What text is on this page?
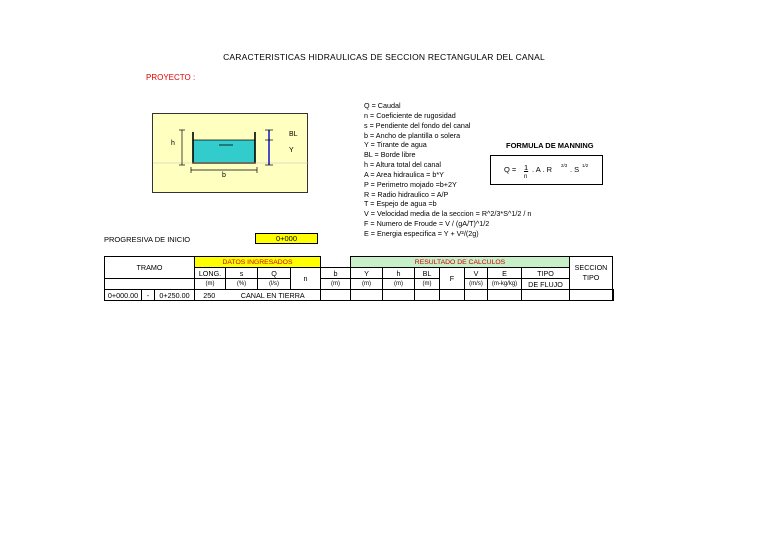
CARACTERISTICAS HIDRAULICAS DE SECCION RECTANGULAR DEL CANAL
PROYECTO :
h
BL
Y
b
Q = Caudal
n = Coeficiente de rugosidad
s = Pendiente del fondo del canal
b = Ancho de plantilla o solera
Y = Tirante de agua
BL = Borde libre
h = Altura total del canal
A = Area hidraulica = b*Y
P = Perimetro mojado =b+2Y
R = Radio hidraulico = A/P
T = Espejo de agua =b
V = Velocidad media de la seccion = R^2/3*S^1/2 / n
F = Numero de Froude = V / (gA/T)^1/2
E = Energia especifica = Y + V²/(2g)
FORMULA DE MANNING
Q = 1
n
. A . R 2/3 . S 1/2
PROGRESIVA DE INICIO	0+000
TRAMO			DATOS INGRESADOS					RESULTADO DE CALCULOS							SECCION
TIPO	

			LONG.	s	Q	n	b	Y	h	BL	F	V	E	TIPO		
			(m)	(%)	(l/s)		(m)	(m)	(m)	(m)		(m/s)	(m-kg/kg)	DE FLUJO		
0+000.00	-	0+250.00	250	CANAL EN TIERRA												
